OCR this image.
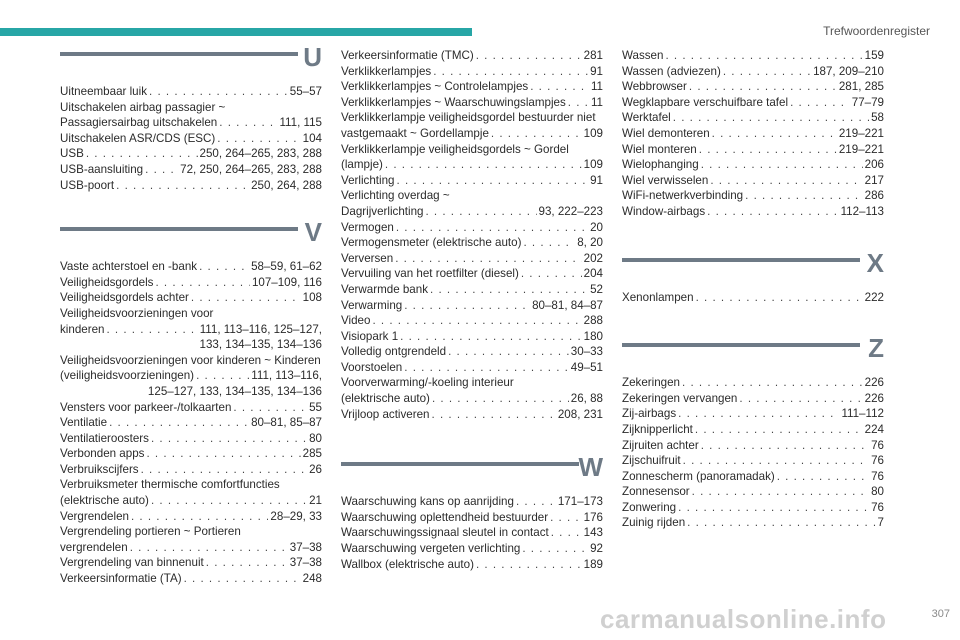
Trefwoordenregister
U
Uitneembaar luik . . .	55–57
Uitschakelen airbag passagier ~
Passagiersairbag uitschakelen . . .	111, 115
Uitschakelen ASR/CDS (ESC) . . .	104
USB . . .	250, 264–265, 283, 288
USB-aansluiting . . .	72, 250, 264–265, 283, 288
USB-poort . . .	250, 264, 288
V
Vaste achterstoel en -bank . . .	58–59, 61–62
Veiligheidsgordels . . .	107–109, 116
Veiligheidsgordels achter . . .	108
Veiligheidsvoorzieningen voor
kinderen . . .	111, 113–116, 125–127,
133, 134–135, 134–136
Veiligheidsvoorzieningen voor kinderen ~ Kinderen
(veiligheidsvoorzieningen) . . .	111, 113–116,
125–127, 133, 134–135, 134–136
Vensters voor parkeer-/tolkaarten . . .	55
Ventilatie . . .	80–81, 85–87
Ventilatieroosters . . .	80
Verbonden apps . . .	285
Verbruikscijfers . . .	26
Verbruiksmeter thermische comfortfuncties
(elektrische auto) . . .	21
Vergrendelen . . .	28–29, 33
Vergrendeling portieren ~ Portieren
vergrendelen . . .	37–38
Vergrendeling van binnenuit . . .	37–38
Verkeersinformatie (TA) . . .	248
Verkeersinformatie (TMC) . . .	281
Verklikkerlampjes . . .	91
Verklikkerlampjes ~ Controlelampjes . . .	11
Verklikkerlampjes ~ Waarschuwingslampjes . . . 11
Verklikkerlampje veiligheidsgordel bestuurder niet
vastgemaakt ~ Gordellampje . . .	109
Verklikkerlampje veiligheidsgordels ~ Gordel
(lampje) . . .	109
Verlichting . . .	91
Verlichting overdag ~
Dagrijverlichting . . .	93, 222–223
Vermogen . . .	20
Vermogensmeter (elektrische auto) . . .	8, 20
Verversen . . .	202
Vervuiling van het roetfilter (diesel) . . .	204
Verwarmde bank . . .	52
Verwarming . . .	80–81, 84–87
Video . . .	288
Visiopark 1 . . .	180
Volledig ontgrendeld . . .	30–33
Voorstoelen . . .	49–51
Voorverwarming/-koeling interieur
(elektrische auto) . . .	26, 88
Vrijloop activeren . . .	208, 231
W
Waarschuwing kans op aanrijding . . .	171–173
Waarschuwing oplettendheid bestuurder . . .	176
Waarschuwingssignaal sleutel in contact . . .	143
Waarschuwing vergeten verlichting . . .	92
Wallbox (elektrische auto) . . .	189
Wassen . . .	159
Wassen (adviezen) . . .	187, 209–210
Webbrowser . . .	281, 285
Wegklapbare verschuifbare tafel . . .	77–79
Werktafel . . .	58
Wiel demonteren . . .	219–221
Wiel monteren . . .	219–221
Wielophanging . . .	206
Wiel verwisselen . . .	217
WiFi-netwerkverbinding . . .	286
Window-airbags . . .	112–113
X
Xenonlampen . . .	222
Z
Zekeringen . . .	226
Zekeringen vervangen . . .	226
Zij-airbags . . .	111–112
Zijknipperlicht . . .	224
Zijruiten achter . . .	76
Zijschuifruit . . .	76
Zonnescherm (panoramadak) . . .	76
Zonnesensor . . .	80
Zonwering . . .	76
Zuinig rijden . . .	7
carmanualsonline.info	307
